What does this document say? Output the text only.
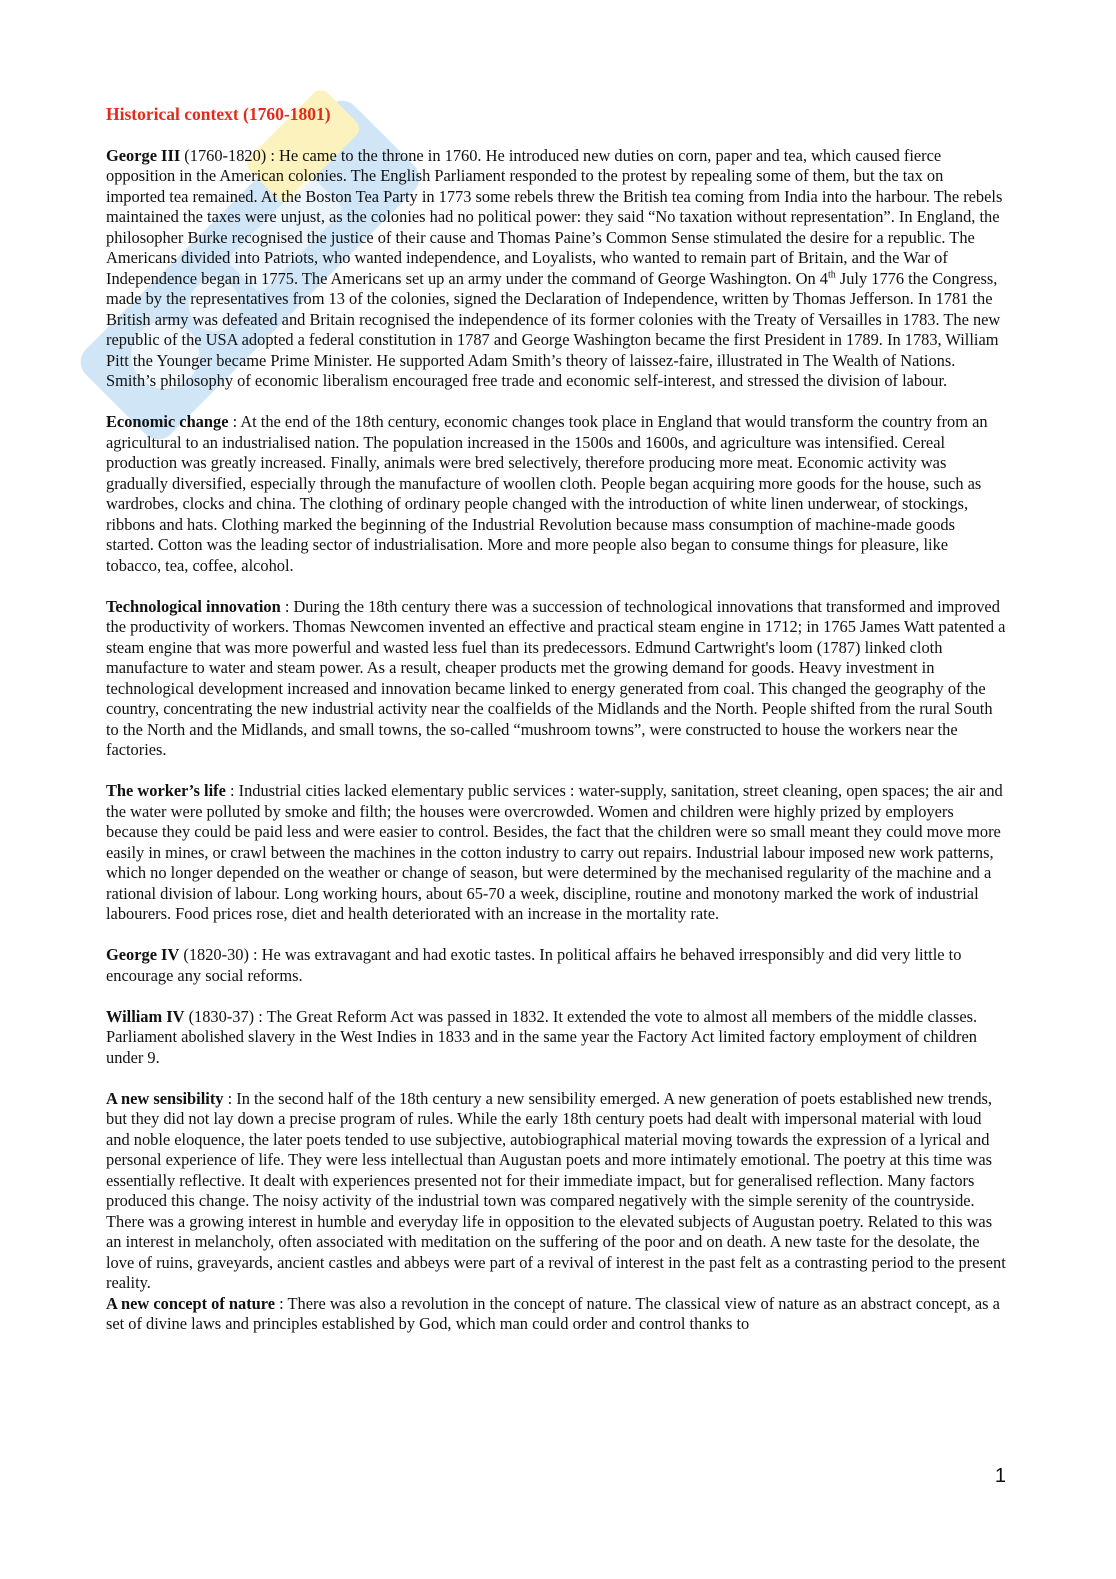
Historical context (1760-1801)

George III (1760-1820) : He came to the throne in 1760. He introduced new duties on corn, paper and tea, which caused fierce opposition in the American colonies. The English Parliament responded to the protest by repealing some of them, but the tax on imported tea remained. At the Boston Tea Party in 1773 some rebels threw the British tea coming from India into the harbour. The rebels maintained the taxes were unjust, as the colonies had no political power: they said “No taxation without representation”. In England, the philosopher Burke recognised the justice of their cause and Thomas Paine’s Common Sense stimulated the desire for a republic. The Americans divided into Patriots, who wanted independence, and Loyalists, who wanted to remain part of Britain, and the War of Independence began in 1775. The Americans set up an army under the command of George Washington. On 4th July 1776 the Congress, made by the representatives from 13 of the colonies, signed the Declaration of Independence, written by Thomas Jefferson. In 1781 the British army was defeated and Britain recognised the independence of its former colonies with the Treaty of Versailles in 1783. The new republic of the USA adopted a federal constitution in 1787 and George Washington became the first President in 1789. In 1783, William Pitt the Younger became Prime Minister. He supported Adam Smith’s theory of laissez-faire, illustrated in The Wealth of Nations. Smith’s philosophy of economic liberalism encouraged free trade and economic self-interest, and stressed the division of labour.

Economic change : At the end of the 18th century, economic changes took place in England that would transform the country from an agricultural to an industrialised nation. The population increased in the 1500s and 1600s, and agriculture was intensified. Cereal production was greatly increased. Finally, animals were bred selectively, therefore producing more meat. Economic activity was gradually diversified, especially through the manufacture of woollen cloth. People began acquiring more goods for the house, such as wardrobes, clocks and china. The clothing of ordinary people changed with the introduction of white linen underwear, of stockings, ribbons and hats. Clothing marked the beginning of the Industrial Revolution because mass consumption of machine-made goods started. Cotton was the leading sector of industrialisation. More and more people also began to consume things for pleasure, like tobacco, tea, coffee, alcohol.

Technological innovation : During the 18th century there was a succession of technological innovations that transformed and improved the productivity of workers. Thomas Newcomen invented an effective and practical steam engine in 1712; in 1765 James Watt patented a steam engine that was more powerful and wasted less fuel than its predecessors. Edmund Cartwright's loom (1787) linked cloth manufacture to water and steam power. As a result, cheaper products met the growing demand for goods. Heavy investment in technological development increased and innovation became linked to energy generated from coal. This changed the geography of the country, concentrating the new industrial activity near the coalfields of the Midlands and the North. People shifted from the rural South to the North and the Midlands, and small towns, the so-called “mushroom towns”, were constructed to house the workers near the factories.

The worker’s life : Industrial cities lacked elementary public services : water-supply, sanitation, street cleaning, open spaces; the air and the water were polluted by smoke and filth; the houses were overcrowded. Women and children were highly prized by employers because they could be paid less and were easier to control. Besides, the fact that the children were so small meant they could move more easily in mines, or crawl between the machines in the cotton industry to carry out repairs. Industrial labour imposed new work patterns, which no longer depended on the weather or change of season, but were determined by the mechanised regularity of the machine and a rational division of labour. Long working hours, about 65-70 a week, discipline, routine and monotony marked the work of industrial labourers. Food prices rose, diet and health deteriorated with an increase in the mortality rate.

George IV (1820-30) : He was extravagant and had exotic tastes. In political affairs he behaved irresponsibly and did very little to encourage any social reforms.

William IV (1830-37) : The Great Reform Act was passed in 1832. It extended the vote to almost all members of the middle classes. Parliament abolished slavery in the West Indies in 1833 and in the same year the Factory Act limited factory employment of children under 9.

A new sensibility : In the second half of the 18th century a new sensibility emerged. A new generation of poets established new trends, but they did not lay down a precise program of rules. While the early 18th century poets had dealt with impersonal material with loud and noble eloquence, the later poets tended to use subjective, autobiographical material moving towards the expression of a lyrical and personal experience of life. They were less intellectual than Augustan poets and more intimately emotional. The poetry at this time was essentially reflective. It dealt with experiences presented not for their immediate impact, but for generalised reflection. Many factors produced this change. The noisy activity of the industrial town was compared negatively with the simple serenity of the countryside. There was a growing interest in humble and everyday life in opposition to the elevated subjects of Augustan poetry. Related to this was an interest in melancholy, often associated with meditation on the suffering of the poor and on death. A new taste for the desolate, the love of ruins, graveyards, ancient castles and abbeys were part of a revival of interest in the past felt as a contrasting period to the present reality.

A new concept of nature : There was also a revolution in the concept of nature. The classical view of nature as an abstract concept, as a set of divine laws and principles established by God, which man could order and control thanks to

1
